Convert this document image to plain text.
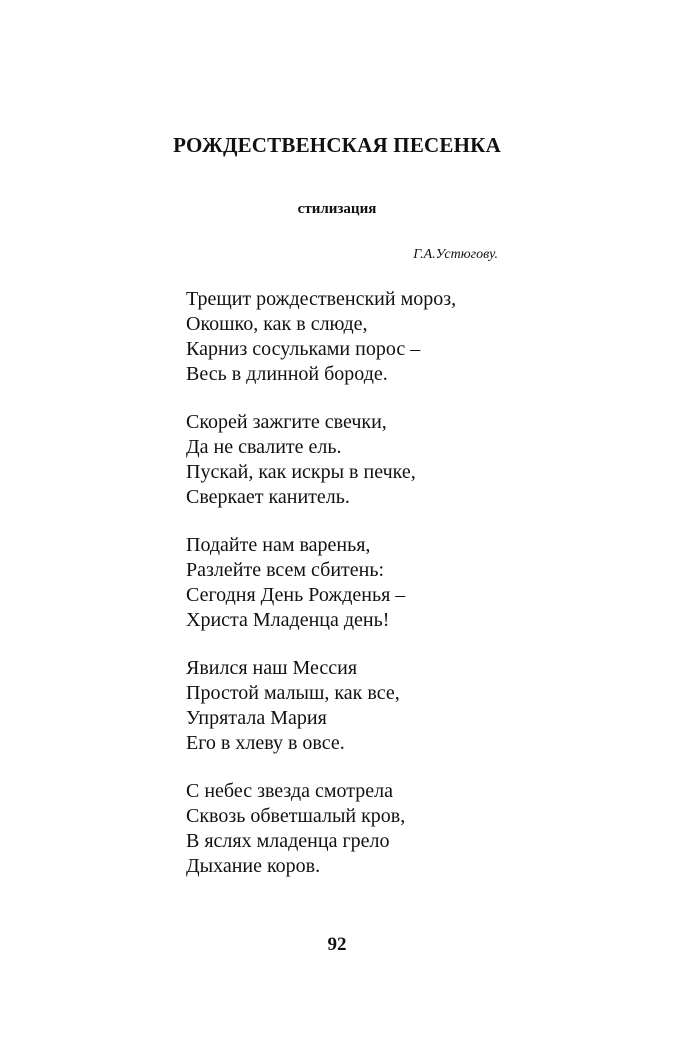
РОЖДЕСТВЕНСКАЯ ПЕСЕНКА

стилизация

Г.А.Устюгову.

Трещит рождественский мороз,
Окошко, как в слюде,
Карниз сосульками порос –
Весь в длинной бороде.
Скорей зажгите свечки,
Да не свалите ель.
Пускай, как искры в печке,
Сверкает канитель.
Подайте нам варенья,
Разлейте всем сбитень:
Сегодня День Рожденья –
Христа Младенца день!
Явился наш Мессия
Простой малыш, как все,
Упрятала Мария
Его в хлеву в овсе.
С небес звезда смотрела
Сквозь обветшалый кров,
В яслях младенца грело
Дыхание коров.

92
